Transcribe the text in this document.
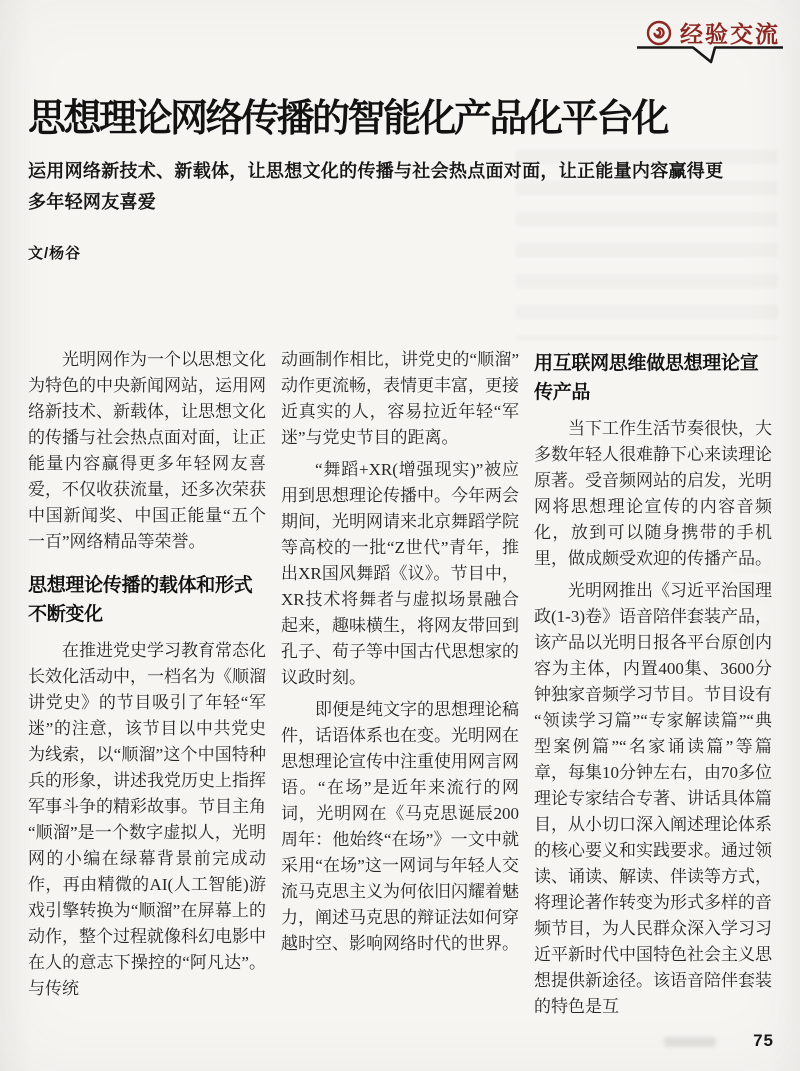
经验交流
思想理论网络传播的智能化产品化平台化

运用网络新技术、新载体，让思想文化的传播与社会热点面对面，让正能量内容赢得更多年轻网友喜爱

文/杨谷

光明网作为一个以思想文化为特色的中央新闻网站，运用网络新技术、新载体，让思想文化的传播与社会热点面对面，让正能量内容赢得更多年轻网友喜爱，不仅收获流量，还多次荣获中国新闻奖、中国正能量“五个一百”网络精品等荣誉。

思想理论传播的载体和形式不断变化

在推进党史学习教育常态化长效化活动中，一档名为《顺溜讲党史》的节目吸引了年轻“军迷”的注意，该节目以中共党史为线索，以“顺溜”这个中国特种兵的形象，讲述我党历史上指挥军事斗争的精彩故事。节目主角“顺溜”是一个数字虚拟人，光明网的小编在绿幕背景前完成动作，再由精微的AI(人工智能)游戏引擎转换为“顺溜”在屏幕上的动作，整个过程就像科幻电影中在人的意志下操控的“阿凡达”。与传统

动画制作相比，讲党史的“顺溜”动作更流畅，表情更丰富，更接近真实的人，容易拉近年轻“军迷”与党史节目的距离。

“舞蹈+XR(增强现实)”被应用到思想理论传播中。今年两会期间，光明网请来北京舞蹈学院等高校的一批“Z世代”青年，推出XR国风舞蹈《议》。节目中，XR技术将舞者与虚拟场景融合起来，趣味横生，将网友带回到孔子、荀子等中国古代思想家的议政时刻。

即便是纯文字的思想理论稿件，话语体系也在变。光明网在思想理论宣传中注重使用网言网语。“在场”是近年来流行的网词，光明网在《马克思诞辰200周年：他始终“在场”》一文中就采用“在场”这一网词与年轻人交流马克思主义为何依旧闪耀着魅力，阐述马克思的辩证法如何穿越时空、影响网络时代的世界。

用互联网思维做思想理论宣传产品

当下工作生活节奏很快，大多数年轻人很难静下心来读理论原著。受音频网站的启发，光明网将思想理论宣传的内容音频化，放到可以随身携带的手机里，做成颇受欢迎的传播产品。

光明网推出《习近平治国理政(1-3)卷》语音陪伴套装产品，该产品以光明日报各平台原创内容为主体，内置400集、3600分钟独家音频学习节目。节目设有“领读学习篇”“专家解读篇”“典型案例篇”“名家诵读篇”等篇章，每集10分钟左右，由70多位理论专家结合专著、讲话具体篇目，从小切口深入阐述理论体系的核心要义和实践要求。通过领读、诵读、解读、伴读等方式，将理论著作转变为形式多样的音频节目，为人民群众深入学习习近平新时代中国特色社会主义思想提供新途径。该语音陪伴套装的特色是互

75
